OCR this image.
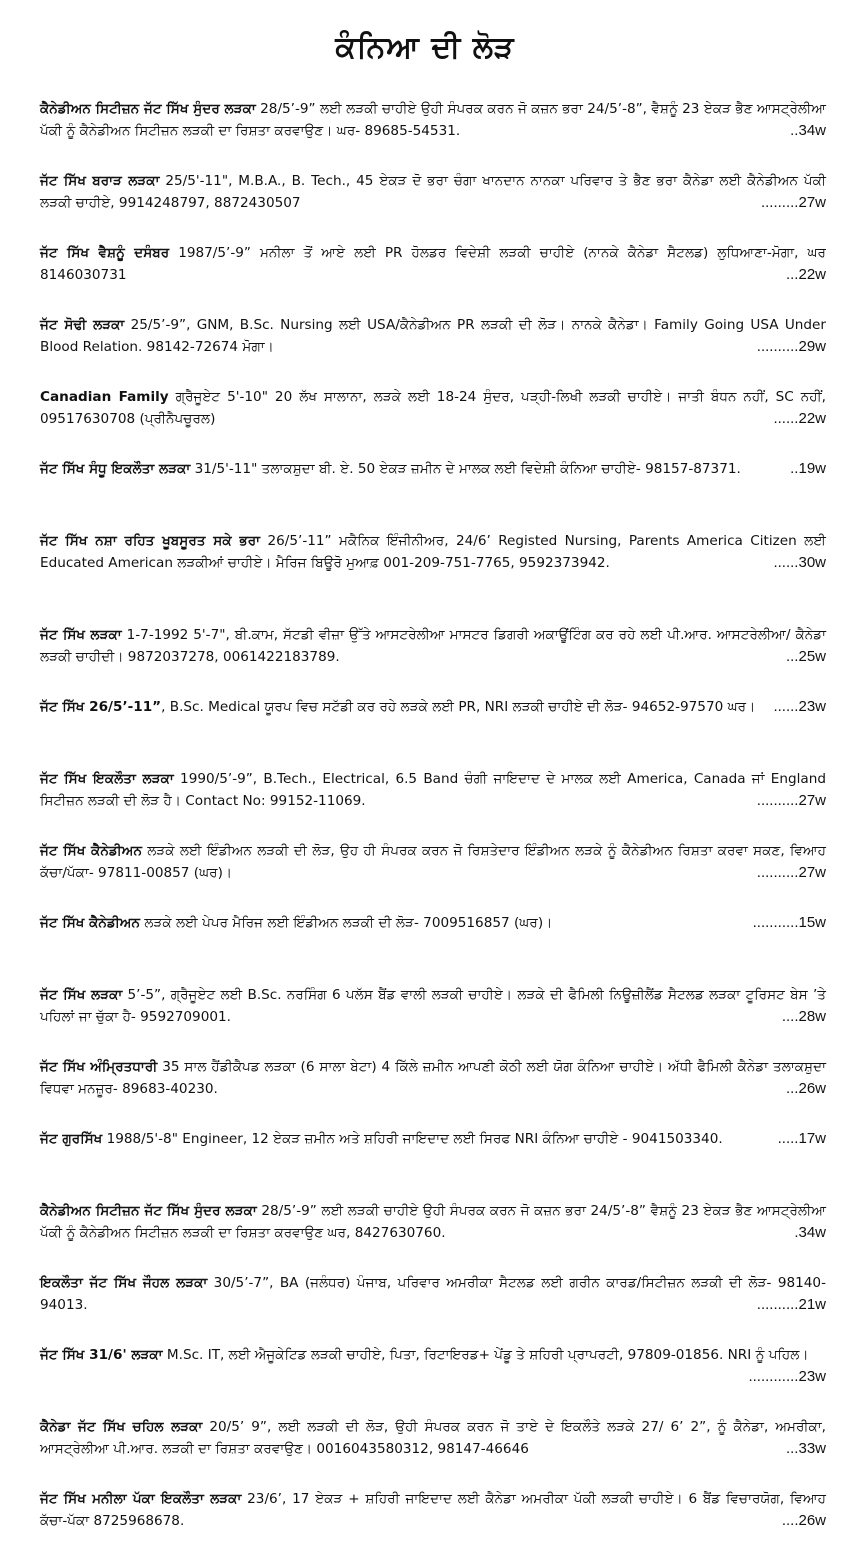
ਕੰਨਿਆ ਦੀ ਲੋੜ
ਕੈਨੇਡੀਅਨ ਸਿਟੀਜ਼ਨ ਜੱਟ ਸਿੱਖ ਸੁੰਦਰ ਲੜਕਾ 28/5’-9” ਲਈ ਲੜਕੀ ਚਾਹੀਏ ਉਹੀ ਸੰਪਰਕ ਕਰਨ ਜੋ ਕਜ਼ਨ ਭਰਾ 24/5’-8”, ਵੈਸ਼ਨੂੰ 23 ਏਕੜ ਭੈਣ ਆਸਟ੍ਰੇਲੀਆ ਪੱਕੀ ਨੂੰ ਕੈਨੇਡੀਅਨ ਸਿਟੀਜ਼ਨ ਲੜਕੀ ਦਾ ਰਿਸ਼ਤਾ ਕਰਵਾਉਣ। ਘਰ- 89685-54531.	..34w
ਜੱਟ ਸਿੱਖ ਬਰਾੜ ਲੜਕਾ 25/5'-11", M.B.A., B. Tech., 45 ਏਕੜ ਦੋ ਭਰਾ ਚੰਗਾ ਖਾਨਦਾਨ ਨਾਨਕਾ ਪਰਿਵਾਰ ਤੇ ਭੈਣ ਭਰਾ ਕੈਨੇਡਾ ਲਈ ਕੈਨੇਡੀਅਨ ਪੱਕੀ ਲੜਕੀ ਚਾਹੀਏ, 9914248797, 8872430507	.........27w
ਜੱਟ ਸਿੱਖ ਵੈਸ਼ਨੂੰ ਦਸੰਬਰ 1987/5’-9” ਮਨੀਲਾ ਤੋਂ ਆਏ ਲਈ PR ਹੋਲਡਰ ਵਿਦੇਸ਼ੀ ਲੜਕੀ ਚਾਹੀਏ (ਨਾਨਕੇ ਕੈਨੇਡਾ ਸੈਟਲਡ) ਲੁਧਿਆਣਾ-ਮੋਗਾ, ਘਰ 8146030731	...22w
ਜੱਟ ਸੋਢੀ ਲੜਕਾ 25/5’-9”, GNM, B.Sc. Nursing ਲਈ USA/ਕੈਨੇਡੀਅਨ PR ਲੜਕੀ ਦੀ ਲੋੜ। ਨਾਨਕੇ ਕੈਨੇਡਾ। Family Going USA Under Blood Relation. 98142-72674 ਮੋਗਾ।	..........29w
Canadian Family ਗ੍ਰੈਜੂਏਟ 5'-10" 20 ਲੱਖ ਸਾਲਾਨਾ, ਲੜਕੇ ਲਈ 18-24 ਸੁੰਦਰ, ਪੜ੍ਹੀ-ਲਿਖੀ ਲੜਕੀ ਚਾਹੀਏ। ਜਾਤੀ ਬੰਧਨ ਨਹੀਂ, SC ਨਹੀਂ, 09517630708 (ਪ੍ਰੀਨੈਪਚੂਰਲ)	......22w
ਜੱਟ ਸਿੱਖ ਸੰਧੂ ਇਕਲੌਤਾ ਲੜਕਾ 31/5'-11" ਤਲਾਕਸ਼ੁਦਾ ਬੀ. ਏ. 50 ਏਕੜ ਜ਼ਮੀਨ ਦੇ ਮਾਲਕ ਲਈ ਵਿਦੇਸ਼ੀ ਕੰਨਿਆ ਚਾਹੀਏ- 98157-87371.	..19w
ਜੱਟ ਸਿੱਖ ਨਸ਼ਾ ਰਹਿਤ ਖੂਬਸੂਰਤ ਸਕੇ ਭਰਾ 26/5’-11” ਮਕੈਨਿਕ ਇੰਜੀਨੀਅਰ, 24/6’ Registed Nursing, Parents America Citizen ਲਈ Educated American ਲੜਕੀਆਂ ਚਾਹੀਏ। ਮੈਰਿਜ ਬਿਊਰੋ ਮੁਆਫ਼ 001-209-751-7765, 9592373942.	......30w
ਜੱਟ ਸਿੱਖ ਲੜਕਾ 1-7-1992 5'-7", ਬੀ.ਕਾਮ, ਸੱਟਡੀ ਵੀਜ਼ਾ ਉੱਤੇ ਆਸਟਰੇਲੀਆ ਮਾਸਟਰ ਡਿਗਰੀ ਅਕਾਊਂਟਿੰਗ ਕਰ ਰਹੇ ਲਈ ਪੀ.ਆਰ. ਆਸਟਰੇਲੀਆ/ ਕੈਨੇਡਾ ਲੜਕੀ ਚਾਹੀਦੀ। 9872037278, 0061422183789.	...25w
ਜੱਟ ਸਿੱਖ 26/5’-11”, B.Sc. Medical ਯੂਰਪ ਵਿਚ ਸਟੱਡੀ ਕਰ ਰਹੇ ਲੜਕੇ ਲਈ PR, NRI ਲੜਕੀ ਚਾਹੀਏ ਦੀ ਲੋੜ- 94652-97570 ਘਰ। ......23w
ਜੱਟ ਸਿੱਖ ਇਕਲੌਤਾ ਲੜਕਾ 1990/5’-9”, B.Tech., Electrical, 6.5 Band ਚੰਗੀ ਜਾਇਦਾਦ ਦੇ ਮਾਲਕ ਲਈ America, Canada ਜਾਂ England ਸਿਟੀਜ਼ਨ ਲੜਕੀ ਦੀ ਲੋੜ ਹੈ। Contact No: 99152-11069.	..........27w
ਜੱਟ ਸਿੱਖ ਕੈਨੇਡੀਅਨ ਲੜਕੇ ਲਈ ਇੰਡੀਅਨ ਲੜਕੀ ਦੀ ਲੋੜ, ਉਹ ਹੀ ਸੰਪਰਕ ਕਰਨ ਜੋ ਰਿਸ਼ਤੇਦਾਰ ਇੰਡੀਅਨ ਲੜਕੇ ਨੂੰ ਕੈਨੇਡੀਅਨ ਰਿਸ਼ਤਾ ਕਰਵਾ ਸਕਣ, ਵਿਆਹ ਕੱਚਾ/ਪੱਕਾ- 97811-00857 (ਘਰ)।	..........27w
ਜੱਟ ਸਿੱਖ ਕੈਨੇਡੀਅਨ ਲੜਕੇ ਲਈ ਪੇਪਰ ਮੈਰਿਜ ਲਈ ਇੰਡੀਅਨ ਲੜਕੀ ਦੀ ਲੋੜ- 7009516857 (ਘਰ)।	...........15w
ਜੱਟ ਸਿੱਖ ਲੜਕਾ 5’-5”, ਗ੍ਰੈਜੂਏਟ ਲਈ B.Sc. ਨਰਸਿੰਗ 6 ਪਲੱਸ ਬੈਂਡ ਵਾਲੀ ਲੜਕੀ ਚਾਹੀਏ। ਲੜਕੇ ਦੀ ਫੈਮਿਲੀ ਨਿਊਜ਼ੀਲੈਂਡ ਸੈਟਲਡ ਲੜਕਾ ਟੂਰਿਸਟ ਬੇਸ ’ਤੇ ਪਹਿਲਾਂ ਜਾ ਚੁੱਕਾ ਹੈ- 9592709001.	....28w
ਜੱਟ ਸਿੱਖ ਅੰਮ੍ਰਿਤਧਾਰੀ 35 ਸਾਲ ਹੈਂਡੀਕੈਪਡ ਲੜਕਾ (6 ਸਾਲਾ ਬੇਟਾ) 4 ਕਿੱਲੇ ਜ਼ਮੀਨ ਆਪਣੀ ਕੋਠੀ ਲਈ ਯੋਗ ਕੰਨਿਆ ਚਾਹੀਏ। ਅੱਧੀ ਫੈਮਿਲੀ ਕੈਨੇਡਾ ਤਲਾਕਸ਼ੁਦਾ ਵਿਧਵਾ ਮਨਜ਼ੂਰ- 89683-40230.	...26w
ਜੱਟ ਗੁਰਸਿੱਖ 1988/5'-8" Engineer, 12 ਏਕੜ ਜ਼ਮੀਨ ਅਤੇ ਸ਼ਹਿਰੀ ਜਾਇਦਾਦ ਲਈ ਸਿਰਫ NRI ਕੰਨਿਆ ਚਾਹੀਏ - 9041503340.	.....17w
ਕੈਨੇਡੀਅਨ ਸਿਟੀਜ਼ਨ ਜੱਟ ਸਿੱਖ ਸੁੰਦਰ ਲੜਕਾ 28/5’-9” ਲਈ ਲੜਕੀ ਚਾਹੀਏ ਉਹੀ ਸੰਪਰਕ ਕਰਨ ਜੋ ਕਜ਼ਨ ਭਰਾ 24/5’-8” ਵੈਸ਼ਨੂੰ 23 ਏਕੜ ਭੈਣ ਆਸਟ੍ਰੇਲੀਆ ਪੱਕੀ ਨੂੰ ਕੈਨੇਡੀਅਨ ਸਿਟੀਜ਼ਨ ਲੜਕੀ ਦਾ ਰਿਸ਼ਤਾ ਕਰਵਾਉਣ ਘਰ, 8427630760.	.34w
ਇਕਲੌਤਾ ਜੱਟ ਸਿੱਖ ਜੌਹਲ ਲੜਕਾ 30/5’-7”, BA (ਜਲੰਧਰ) ਪੰਜਾਬ, ਪਰਿਵਾਰ ਅਮਰੀਕਾ ਸੈਟਲਡ ਲਈ ਗਰੀਨ ਕਾਰਡ/ਸਿਟੀਜ਼ਨ ਲੜਕੀ ਦੀ ਲੋੜ- 98140-94013.	..........21w
ਜੱਟ ਸਿੱਖ 31/6' ਲੜਕਾ M.Sc. IT, ਲਈ ਐਜੂਕੇਟਿਡ ਲੜਕੀ ਚਾਹੀਏ, ਪਿਤਾ, ਰਿਟਾਇਰਡ+ ਪੇਂਡੂ ਤੇ ਸ਼ਹਿਰੀ ਪ੍ਰਾਪਰਟੀ, 97809-01856. NRI ਨੂੰ ਪਹਿਲ।
............23w
ਕੈਨੇਡਾ ਜੱਟ ਸਿੱਖ ਚਹਿਲ ਲੜਕਾ 20/5’ 9”, ਲਈ ਲੜਕੀ ਦੀ ਲੋੜ, ਉਹੀ ਸੰਪਰਕ ਕਰਨ ਜੋ ਤਾਏ ਦੇ ਇਕਲੌਤੇ ਲੜਕੇ 27/ 6’ 2”, ਨੂੰ ਕੈਨੇਡਾ, ਅਮਰੀਕਾ, ਆਸਟ੍ਰੇਲੀਆ ਪੀ.ਆਰ. ਲੜਕੀ ਦਾ ਰਿਸ਼ਤਾ ਕਰਵਾਉਣ। 0016043580312, 98147-46646	...33w
ਜੱਟ ਸਿੱਖ ਮਨੀਲਾ ਪੱਕਾ ਇਕਲੌਤਾ ਲੜਕਾ 23/6’, 17 ਏਕੜ + ਸ਼ਹਿਰੀ ਜਾਇਦਾਦ ਲਈ ਕੈਨੇਡਾ ਅਮਰੀਕਾ ਪੱਕੀ ਲੜਕੀ ਚਾਹੀਏ। 6 ਬੈਂਡ ਵਿਚਾਰਯੋਗ, ਵਿਆਹ ਕੱਚਾ-ਪੱਕਾ 8725968678.	....26w
